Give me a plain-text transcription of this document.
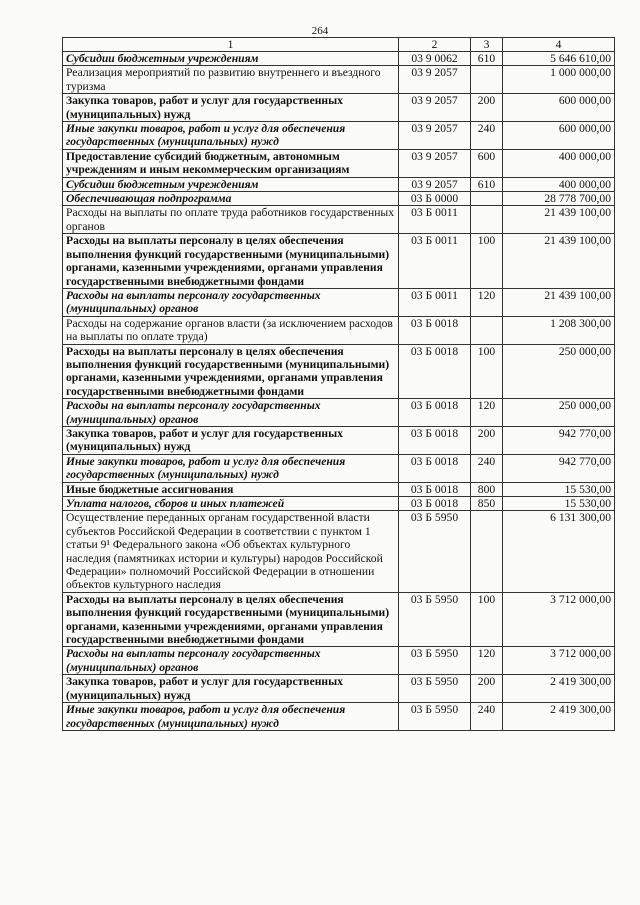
264
1	2	3	4
Субсидии бюджетным учреждениям	03 9 0062	610	5 646 610,00
Реализация мероприятий по развитию внутреннего и въездного туризма	03 9 2057		1 000 000,00
Закупка товаров, работ и услуг для государственных (муниципальных) нужд	03 9 2057	200	600 000,00
Иные закупки товаров, работ и услуг для обеспечения государственных (муниципальных) нужд	03 9 2057	240	600 000,00
Предоставление субсидий бюджетным, автономным учреждениям и иным некоммерческим организациям	03 9 2057	600	400 000,00
Субсидии бюджетным учреждениям	03 9 2057	610	400 000,00
Обеспечивающая подпрограмма	03 Б 0000		28 778 700,00
Расходы на выплаты по оплате труда работников государственных органов	03 Б 0011		21 439 100,00
Расходы на выплаты персоналу в целях обеспечения выполнения функций государственными (муниципальными) органами, казенными учреждениями, органами управления государственными внебюджетными фондами	03 Б 0011	100	21 439 100,00
Расходы на выплаты персоналу государственных (муниципальных) органов	03 Б 0011	120	21 439 100,00
Расходы на содержание органов власти (за исключением расходов на выплаты по оплате труда)	03 Б 0018		1 208 300,00
Расходы на выплаты персоналу в целях обеспечения выполнения функций государственными (муниципальными) органами, казенными учреждениями, органами управления государственными внебюджетными фондами	03 Б 0018	100	250 000,00
Расходы на выплаты персоналу государственных (муниципальных) органов	03 Б 0018	120	250 000,00
Закупка товаров, работ и услуг для государственных (муниципальных) нужд	03 Б 0018	200	942 770,00
Иные закупки товаров, работ и услуг для обеспечения государственных (муниципальных) нужд	03 Б 0018	240	942 770,00
Иные бюджетные ассигнования	03 Б 0018	800	15 530,00
Уплата налогов, сборов и иных платежей	03 Б 0018	850	15 530,00
Осуществление переданных органам государственной власти субъектов Российской Федерации в соответствии с пунктом 1 статьи 9¹ Федерального закона «Об объектах культурного наследия (памятниках истории и культуры) народов Российской Федерации» полномочий Российской Федерации в отношении объектов культурного наследия	03 Б 5950		6 131 300,00
Расходы на выплаты персоналу в целях обеспечения выполнения функций государственными (муниципальными) органами, казенными учреждениями, органами управления государственными внебюджетными фондами	03 Б 5950	100	3 712 000,00
Расходы на выплаты персоналу государственных (муниципальных) органов	03 Б 5950	120	3 712 000,00
Закупка товаров, работ и услуг для государственных (муниципальных) нужд	03 Б 5950	200	2 419 300,00
Иные закупки товаров, работ и услуг для обеспечения государственных (муниципальных) нужд	03 Б 5950	240	2 419 300,00
